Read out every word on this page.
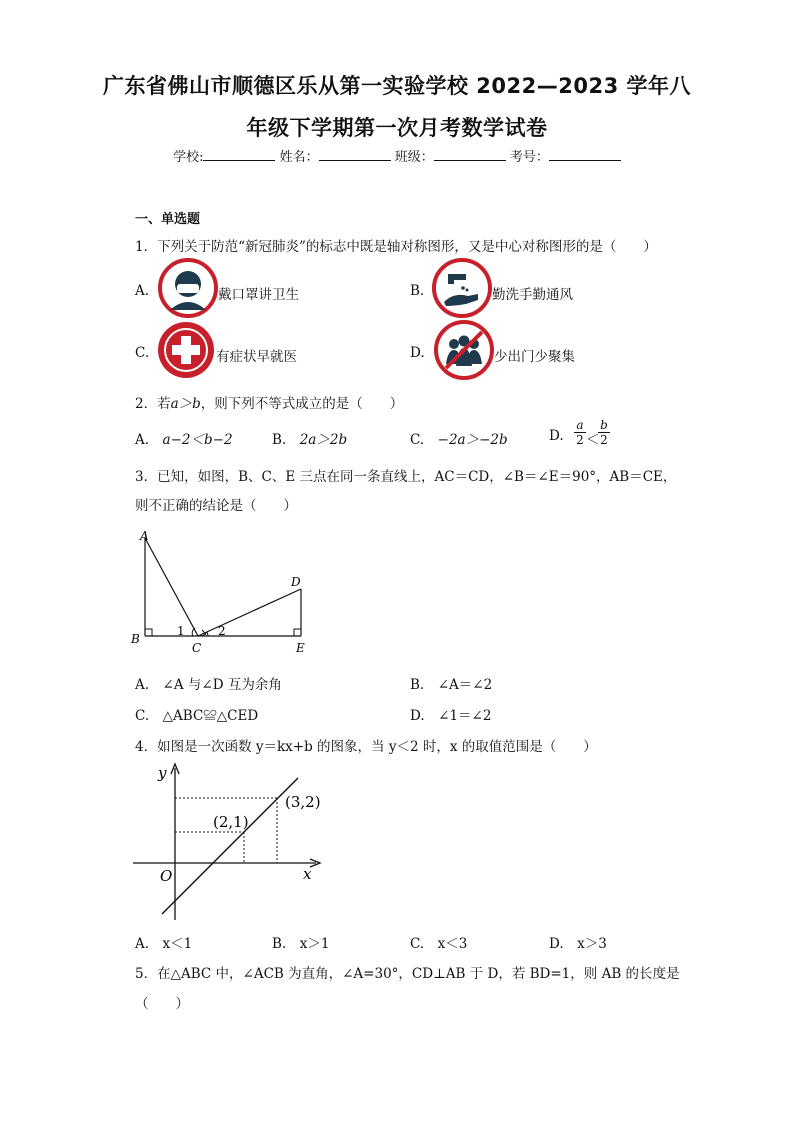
广东省佛山市顺德区乐从第一实验学校 2022—2023 学年八
年级下学期第一次月考数学试卷
学校:	姓名：	班级：	考号：
一、单选题
1．下列关于防范“新冠肺炎”的标志中既是轴对称图形，又是中心对称图形的是（　　）
A.	戴口罩讲卫生	B.	勤洗手勤通风
C.	有症状早就医	D.	少出门少聚集
2．若a＞b，则下列不等式成立的是（　　）
A.　 a−2＜b−2	B.　 2a＞2b	C.　 −2a＞−2b	D. $\frac{a}{2}$ ＜
$\frac{b}{2}$
3．已知，如图，B、C、E 三点在同一条直线上，AC＝CD，∠B＝∠E＝90°，AB＝CE，
则不正确的结论是（　　）
A
B
C
D
E
1	2
A.　 ∠A 与∠D 互为余角	B.　 ∠A＝∠2
C.　 △ABC≌△CED	D.　 ∠1＝∠2
4．如图是一次函数 y＝kx+b 的图象，当 y＜2 时，x 的取值范围是（　　）
y
x
O
(2,1)
(3,2)
A.　 x＜1	B.　 x＞1	C.　 x＜3	D.　 x＞3
5．在△ABC 中，∠ACB 为直角，∠A=30°，CD⊥AB 于 D，若 BD=1，则 AB 的长度是
（　　）
